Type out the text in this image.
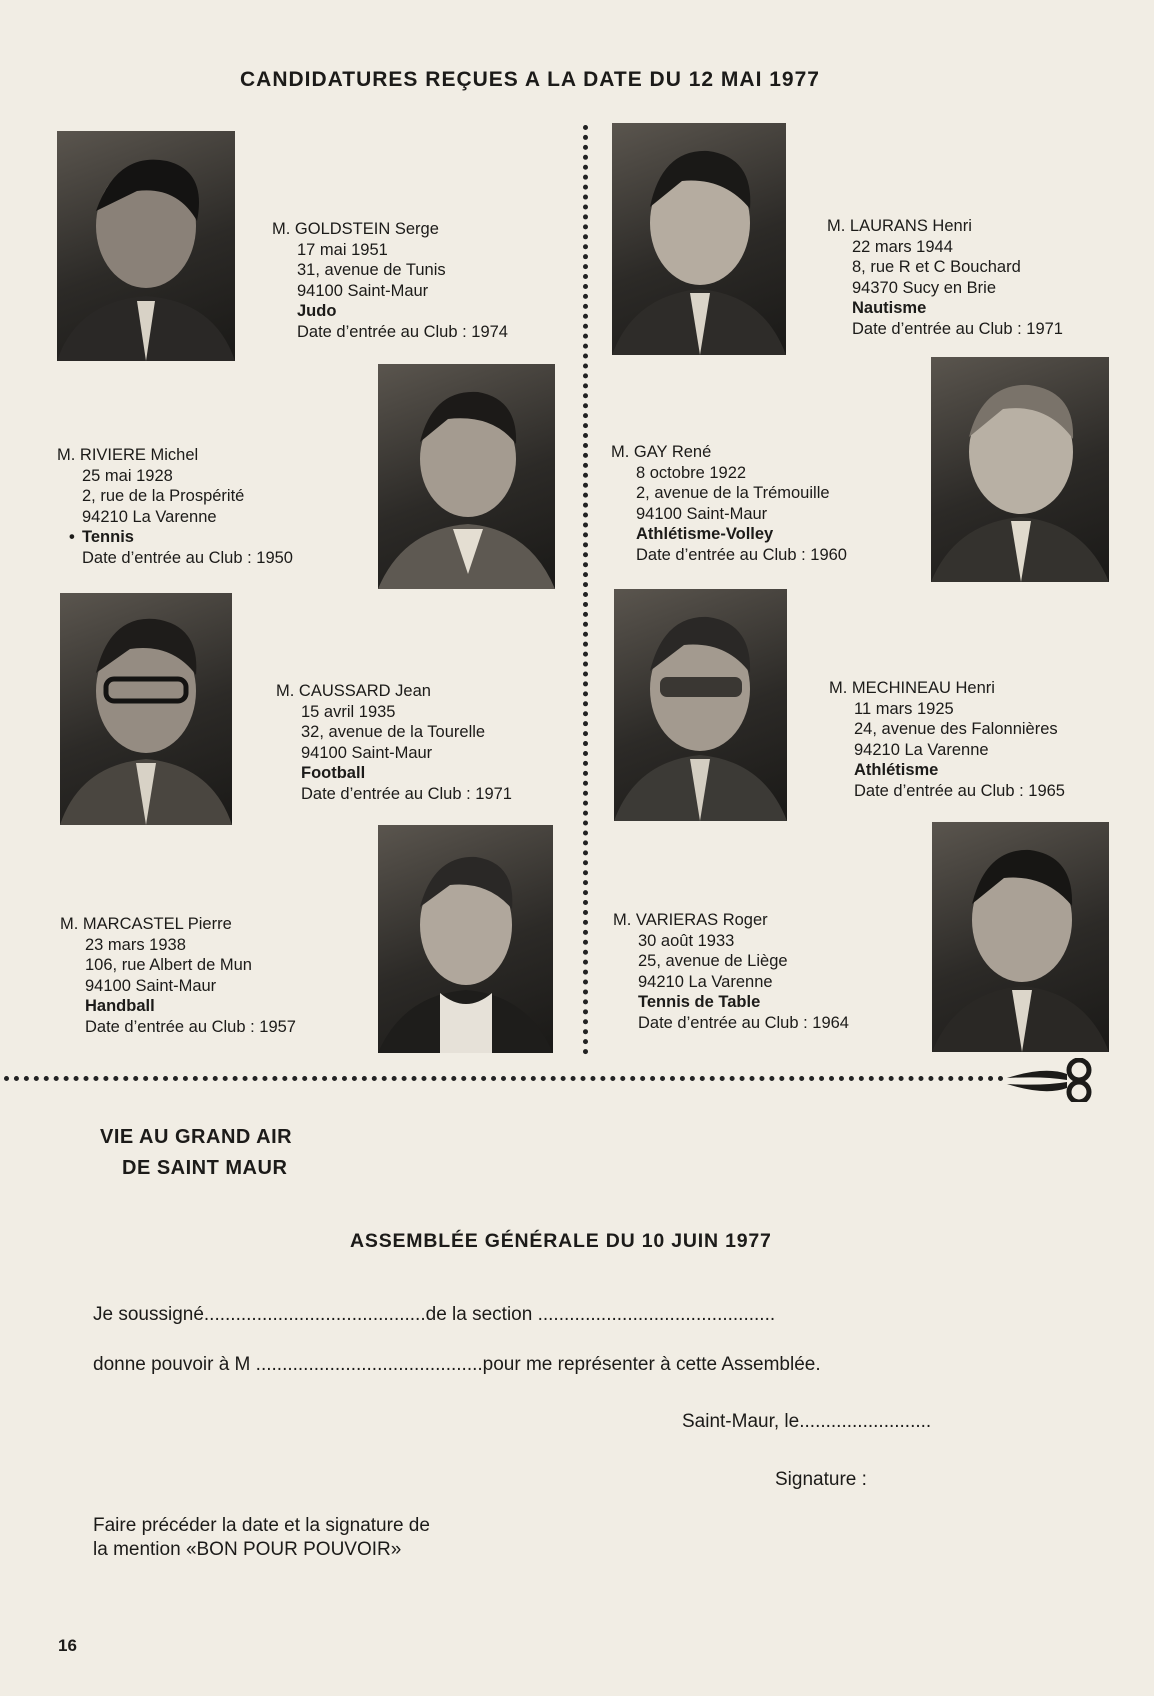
CANDIDATURES REÇUES A LA DATE DU 12 MAI 1977
M. GOLDSTEIN Serge
17 mai 1951
31, avenue de Tunis
94100 Saint-Maur
Judo
Date d’entrée au Club : 1974
M. RIVIERE Michel
25 mai 1928
2, rue de la Prospérité
94210 La Varenne
• Tennis
Date d’entrée au Club : 1950
M. CAUSSARD Jean
15 avril 1935
32, avenue de la Tourelle
94100 Saint-Maur
Football
Date d’entrée au Club : 1971
M. MARCASTEL Pierre
23 mars 1938
106, rue Albert de Mun
94100 Saint-Maur
Handball
Date d’entrée au Club : 1957
M. LAURANS Henri
22 mars 1944
8, rue R et C Bouchard
94370 Sucy en Brie
Nautisme
Date d’entrée au Club : 1971
M. GAY René
8 octobre 1922
2, avenue de la Trémouille
94100 Saint-Maur
Athlétisme-Volley
Date d’entrée au Club : 1960
M. MECHINEAU Henri
11 mars 1925
24, avenue des Falonnières
94210 La Varenne
Athlétisme
Date d’entrée au Club : 1965
M. VARIERAS Roger
30 août 1933
25, avenue de Liège
94210 La Varenne
Tennis de Table
Date d’entrée au Club : 1964
VIE AU GRAND AIR
DE SAINT MAUR
ASSEMBLÉE GÉNÉRALE DU 10 JUIN 1977
Je soussigné..........................................de la section .............................................
donne pouvoir à M ...........................................pour me représenter à cette Assemblée.
Saint-Maur, le.........................
Signature :
Faire précéder la date et la signature de
la mention «BON POUR POUVOIR»
16
